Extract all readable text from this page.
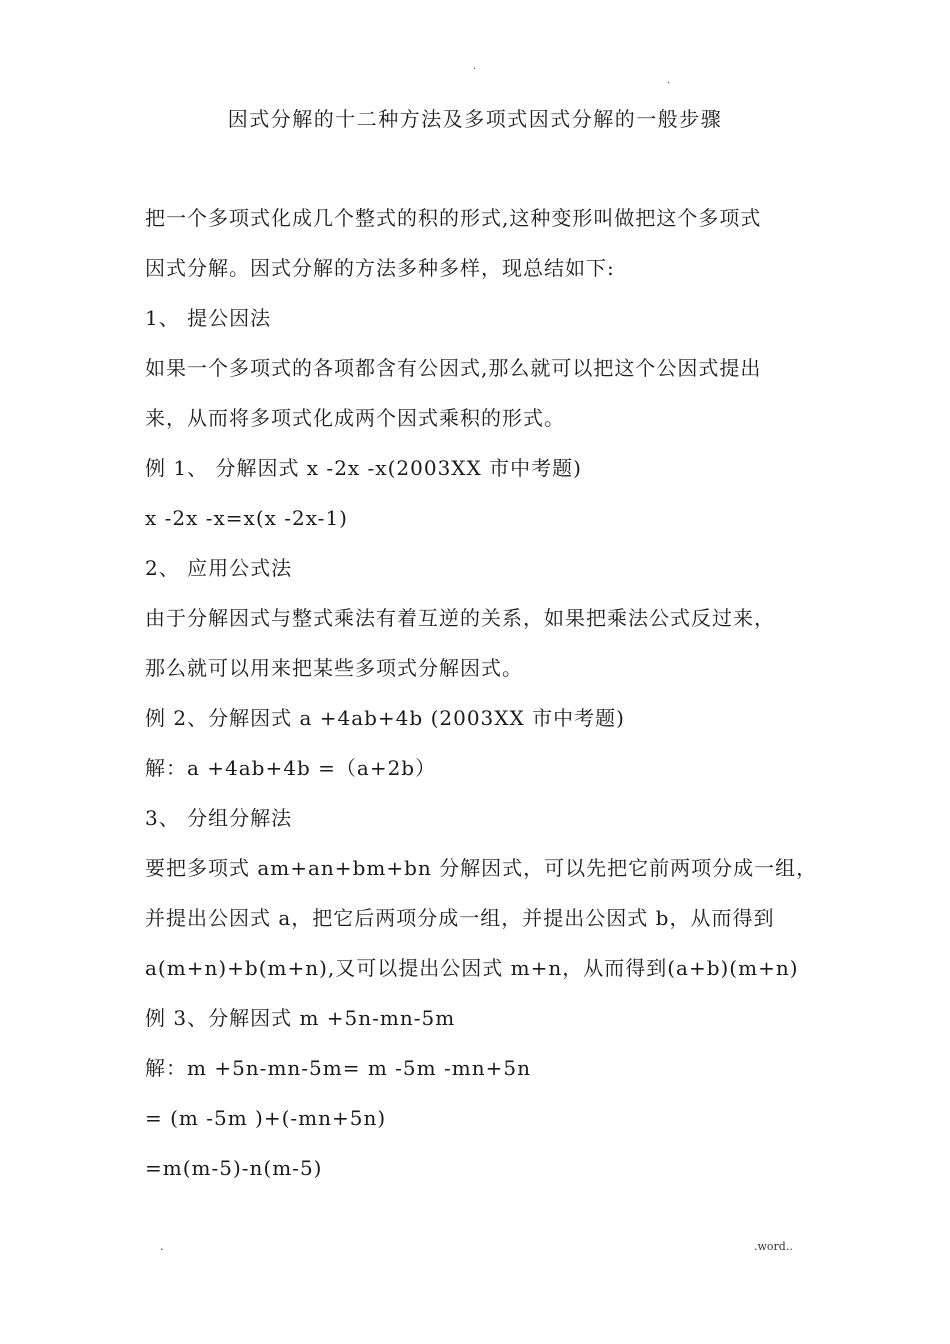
.
.
因式分解的十二种方法及多项式因式分解的一般步骤
把一个多项式化成几个整式的积的形式,这种变形叫做把这个多项式
因式分解。因式分解的方法多种多样，现总结如下:
1、 提公因法
如果一个多项式的各项都含有公因式,那么就可以把这个公因式提出
来，从而将多项式化成两个因式乘积的形式。
例 1、 分解因式 x -2x -x(2003XX 市中考题)
x -2x -x=x(x -2x-1)
2、 应用公式法
由于分解因式与整式乘法有着互逆的关系，如果把乘法公式反过来，
那么就可以用来把某些多项式分解因式。
例 2、分解因式 a +4ab+4b (2003XX 市中考题)
解：a +4ab+4b =（a+2b）
3、 分组分解法
要把多项式 am+an+bm+bn 分解因式，可以先把它前两项分成一组，
并提出公因式 a，把它后两项分成一组，并提出公因式 b，从而得到
a(m+n)+b(m+n),又可以提出公因式 m+n，从而得到(a+b)(m+n)
例 3、分解因式 m +5n-mn-5m
解：m +5n-mn-5m= m -5m -mn+5n
= (m -5m )+(-mn+5n)
=m(m-5)-n(m-5)
.	.word..
